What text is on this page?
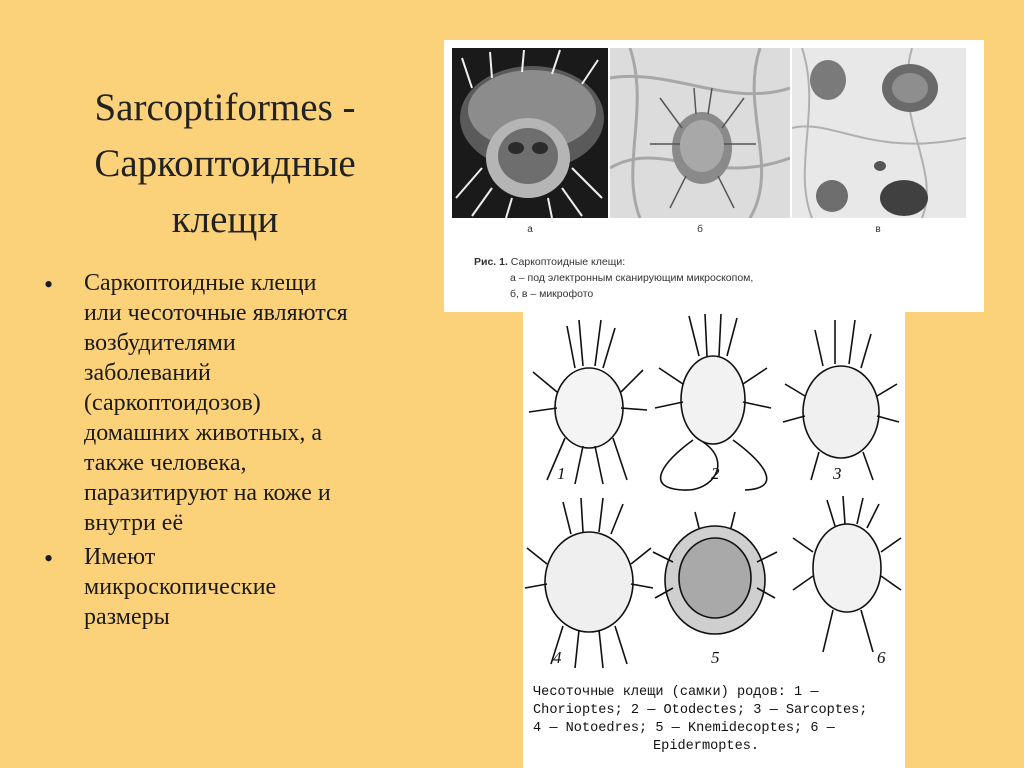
Sarcoptiformes -
Саркоптоидные
клещи
• Саркоптоидные клещи
или чесоточные являются
возбудителями
заболеваний
(саркоптоидозов)
домашних животных, а
также человека,
паразитируют на коже и
внутри её
• Имеют
микроскопические
размеры
а	б	в
Рис. 1. Саркоптоидные клещи:
а – под электронным сканирующим микроскопом,
б, в – микрофото
1	2	3
4	5	6
Чесоточные клещи (самки) родов: 1 —
Chorioptes; 2 — Otodectes; 3 — Sarcoptes;
4 — Notoedres; 5 — Knemidecoptes; 6 —
Epidermoptes.
